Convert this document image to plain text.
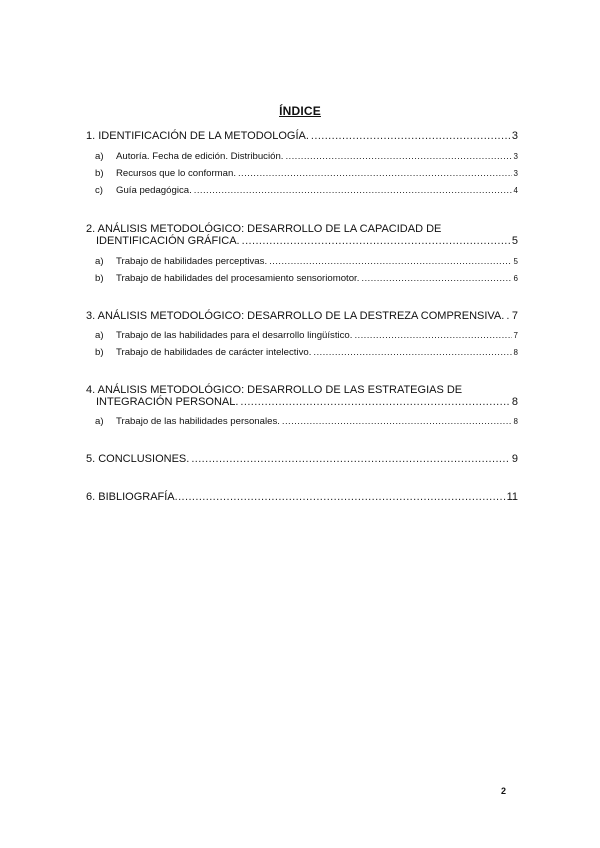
ÍNDICE
1. IDENTIFICACIÓN DE LA METODOLOGÍA. .....	3
a) Autoría. Fecha de edición. Distribución. .....	3
b) Recursos que lo conforman. .....	3
c) Guía pedagógica. .....	4
2. ANÁLISIS METODOLÓGICO: DESARROLLO DE LA CAPACIDAD DE
IDENTIFICACIÓN GRÁFICA. .....	5
a) Trabajo de habilidades perceptivas. .....	5
b) Trabajo de habilidades del procesamiento sensoriomotor. .....	6
3. ANÁLISIS METODOLÓGICO: DESARROLLO DE LA DESTREZA COMPRENSIVA. ..... 7
a) Trabajo de las habilidades para el desarrollo lingüístico. .....	7
b) Trabajo de habilidades de carácter intelectivo. .....	8
4. ANÁLISIS METODOLÓGICO: DESARROLLO DE LAS ESTRATEGIAS DE
INTEGRACIÓN PERSONAL. .....	8
a) Trabajo de las habilidades personales. .....	8
5. CONCLUSIONES. .....	9
6. BIBLIOGRAFÍA .....	11
2
